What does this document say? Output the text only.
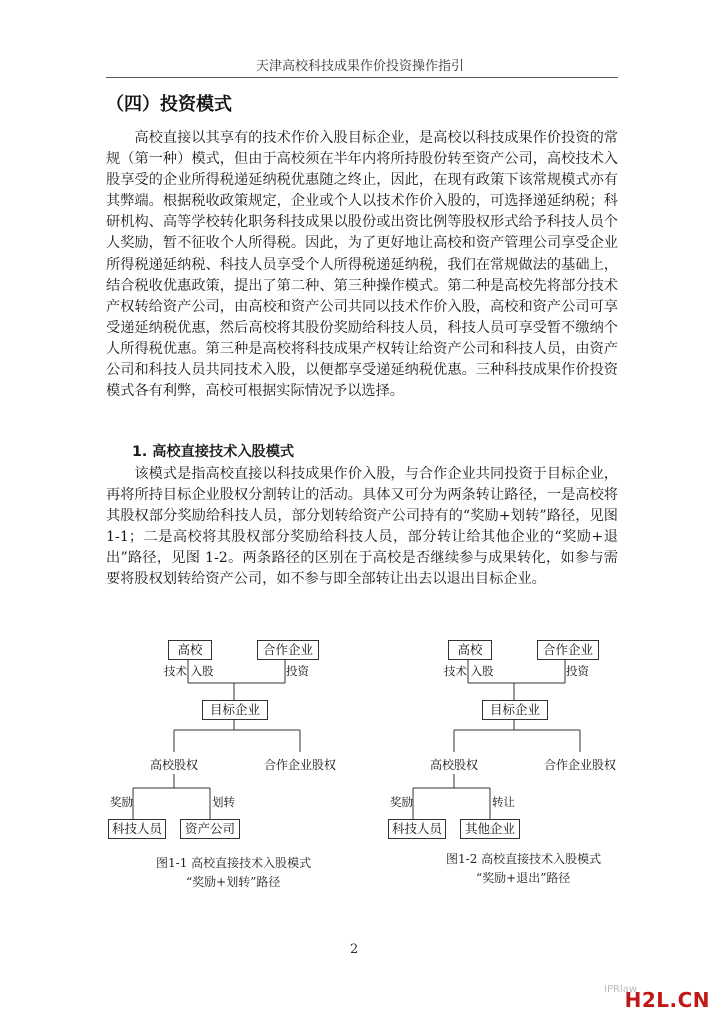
天津高校科技成果作价投资操作指引
（四）投资模式

高校直接以其享有的技术作价入股目标企业，是高校以科技成果作价投资的常规（第一种）模式，但由于高校须在半年内将所持股份转至资产公司，高校技术入股享受的企业所得税递延纳税优惠随之终止，因此，在现有政策下该常规模式亦有其弊端。根据税收政策规定，企业或个人以技术作价入股的，可选择递延纳税；科研机构、高等学校转化职务科技成果以股份或出资比例等股权形式给予科技人员个人奖励，暂不征收个人所得税。因此，为了更好地让高校和资产管理公司享受企业所得税递延纳税、科技人员享受个人所得税递延纳税，我们在常规做法的基础上，结合税收优惠政策，提出了第二种、第三种操作模式。第二种是高校先将部分技术产权转给资产公司，由高校和资产公司共同以技术作价入股，高校和资产公司可享受递延纳税优惠，然后高校将其股份奖励给科技人员，科技人员可享受暂不缴纳个人所得税优惠。第三种是高校将科技成果产权转让给资产公司和科技人员，由资产公司和科技人员共同技术入股，以便都享受递延纳税优惠。三种科技成果作价投资模式各有利弊，高校可根据实际情况予以选择。

1. 高校直接技术入股模式

该模式是指高校直接以科技成果作价入股，与合作企业共同投资于目标企业，再将所持目标企业股权分割转让的活动。具体又可分为两条转让路径，一是高校将其股权部分奖励给科技人员，部分划转给资产公司持有的“奖励+划转”路径，见图 1-1；二是高校将其股权部分奖励给科技人员，部分转让给其他企业的“奖励+退出”路径，见图 1-2。两条路径的区别在于高校是否继续参与成果转化，如参与需要将股权划转给资产公司，如不参与即全部转让出去以退出目标企业。

高校	合作企业
技术 入股	投资
目标企业
高校股权	合作企业股权
奖励	划转
科技人员	资产公司
图1-1 高校直接技术入股模式
“奖励+划转”路径
高校	合作企业
技术 入股	投资
目标企业
高校股权	合作企业股权
奖励	转让
科技人员	其他企业
图1-2 高校直接技术入股模式
“奖励+退出”路径
2
IPRlaw
H2L.CN
